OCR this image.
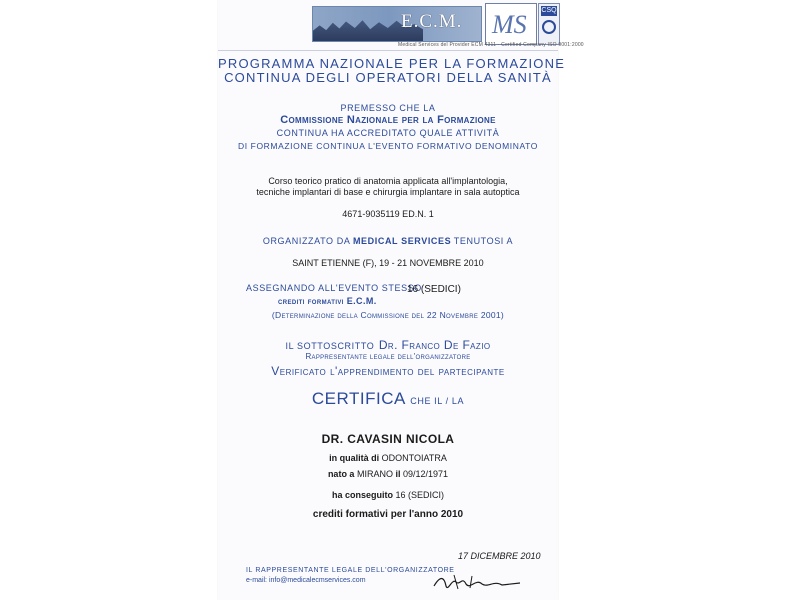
E.C.M. MS CSQ
Medical Services del Provider ECM 4311 · Certified Company ISO 9001:2000
PROGRAMMA NAZIONALE PER LA FORMAZIONE
CONTINUA DEGLI OPERATORI DELLA SANITÀ
PREMESSO CHE LA
Commissione Nazionale per la Formazione
CONTINUA HA ACCREDITATO QUALE ATTIVITÀ
DI FORMAZIONE CONTINUA L'EVENTO FORMATIVO DENOMINATO
Corso teorico pratico di anatomia applicata all'implantologia,
tecniche implantari di base e chirurgia implantare in sala autoptica
4671-9035119 ED.N. 1
ORGANIZZATO DA MEDICAL SERVICES TENUTOSI A
SAINT ETIENNE (F), 19 - 21 NOVEMBRE 2010
ASSEGNANDO ALL'EVENTO STESSO
16 (SEDICI)
crediti formativi E.C.M.
(Determinazione della Commissione del 22 Novembre 2001)
IL SOTTOSCRITTO Dr. Franco De Fazio
Rappresentante legale dell'organizzatore
Verificato l'apprendimento del partecipante
CERTIFICA CHE IL / LA
DR. CAVASIN NICOLA
in qualità di ODONTOIATRA
nato a MIRANO il 09/12/1971
ha conseguito 16 (SEDICI)
crediti formativi per l'anno 2010
17 DICEMBRE 2010
IL RAPPRESENTANTE LEGALE DELL'ORGANIZZATORE
e-mail: info@medicalecmservices.com
